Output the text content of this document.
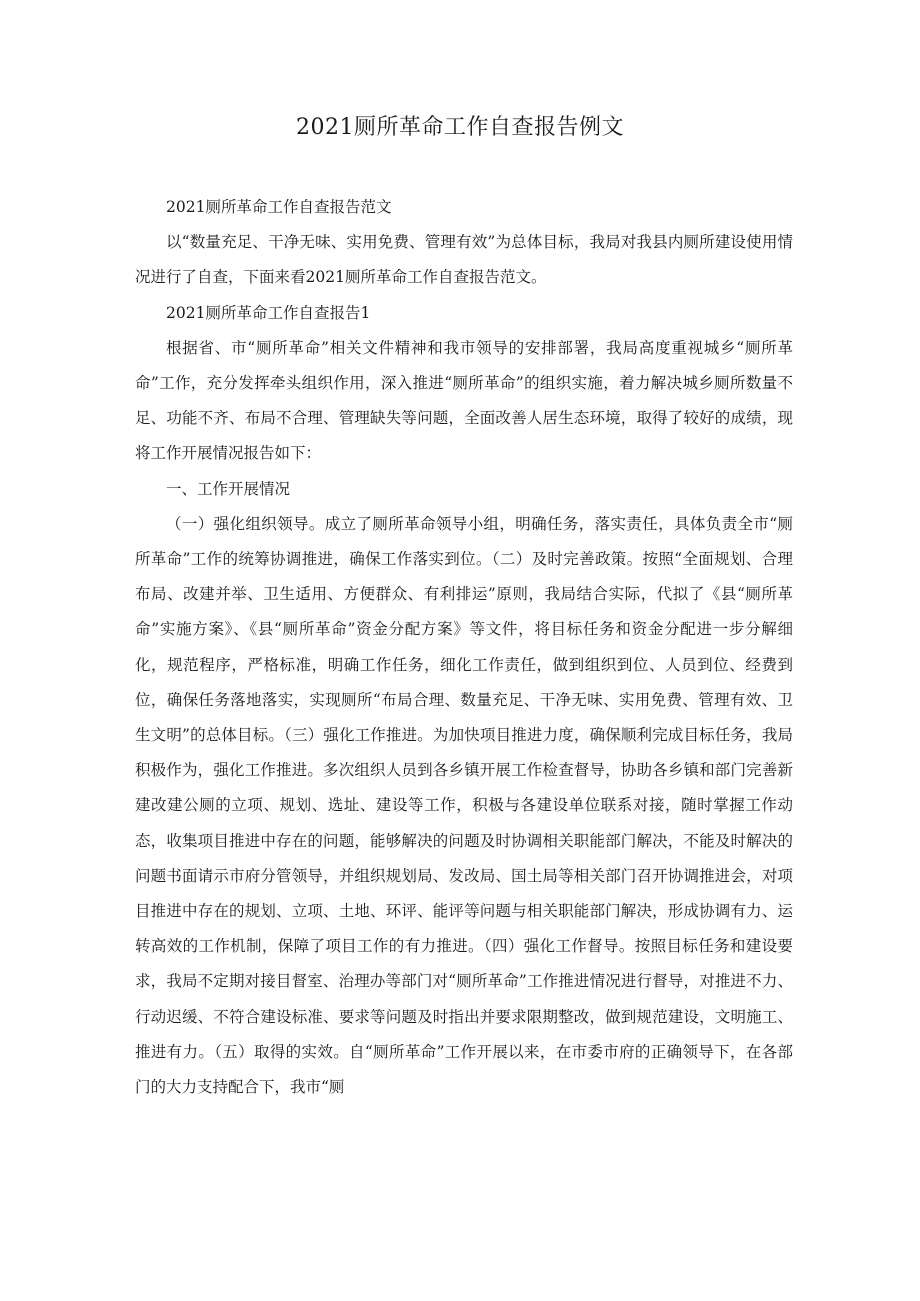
2021厕所革命工作自查报告例文

2021厕所革命工作自查报告范文

以“数量充足、干净无味、实用免费、管理有效”为总体目标，我局对我县内厕所建设使用情况进行了自查，下面来看2021厕所革命工作自查报告范文。

2021厕所革命工作自查报告1

根据省、市“厕所革命”相关文件精神和我市领导的安排部署，我局高度重视城乡“厕所革命”工作，充分发挥牵头组织作用，深入推进“厕所革命”的组织实施，着力解决城乡厕所数量不足、功能不齐、布局不合理、管理缺失等问题，全面改善人居生态环境，取得了较好的成绩，现将工作开展情况报告如下：

一、工作开展情况

（一）强化组织领导。成立了厕所革命领导小组，明确任务，落实责任，具体负责全市“厕所革命”工作的统筹协调推进，确保工作落实到位。（二）及时完善政策。按照“全面规划、合理布局、改建并举、卫生适用、方便群众、有利排运”原则，我局结合实际，代拟了《县“厕所革命”实施方案》、《县“厕所革命”资金分配方案》等文件，将目标任务和资金分配进一步分解细化，规范程序，严格标准，明确工作任务，细化工作责任，做到组织到位、人员到位、经费到位，确保任务落地落实，实现厕所“布局合理、数量充足、干净无味、实用免费、管理有效、卫生文明”的总体目标。（三）强化工作推进。为加快项目推进力度，确保顺利完成目标任务，我局积极作为，强化工作推进。多次组织人员到各乡镇开展工作检查督导，协助各乡镇和部门完善新建改建公厕的立项、规划、选址、建设等工作，积极与各建设单位联系对接，随时掌握工作动态，收集项目推进中存在的问题，能够解决的问题及时协调相关职能部门解决，不能及时解决的问题书面请示市府分管领导，并组织规划局、发改局、国土局等相关部门召开协调推进会，对项目推进中存在的规划、立项、土地、环评、能评等问题与相关职能部门解决，形成协调有力、运转高效的工作机制，保障了项目工作的有力推进。（四）强化工作督导。按照目标任务和建设要求，我局不定期对接目督室、治理办等部门对“厕所革命”工作推进情况进行督导，对推进不力、行动迟缓、不符合建设标准、要求等问题及时指出并要求限期整改，做到规范建设，文明施工、推进有力。（五）取得的实效。自“厕所革命”工作开展以来，在市委市府的正确领导下，在各部门的大力支持配合下，我市“厕
